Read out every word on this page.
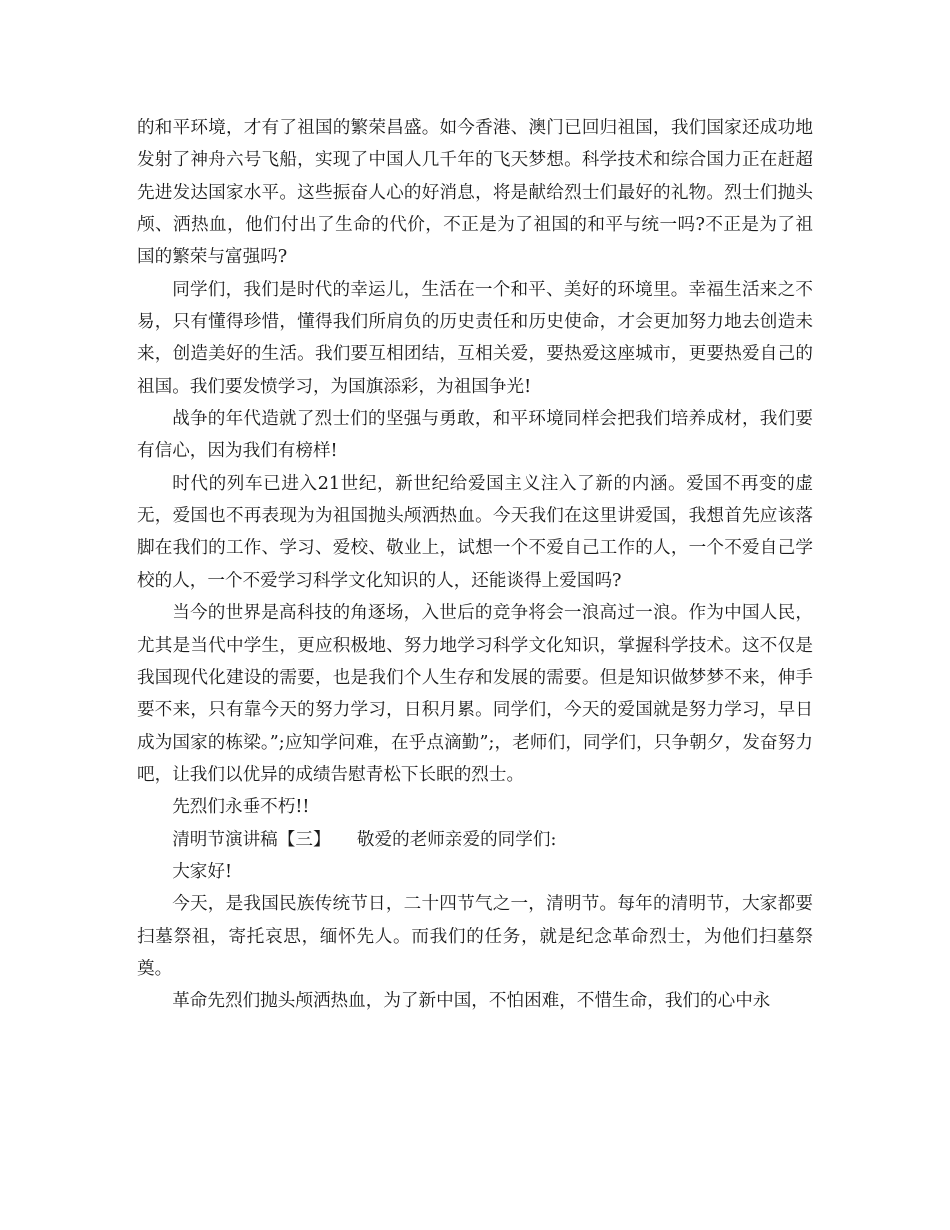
的和平环境，才有了祖国的繁荣昌盛。如今香港、澳门已回归祖国，我们国家还成功地发射了神舟六号飞船，实现了中国人几千年的飞天梦想。科学技术和综合国力正在赶超先进发达国家水平。这些振奋人心的好消息，将是献给烈士们最好的礼物。烈士们抛头颅、洒热血，他们付出了生命的代价，不正是为了祖国的和平与统一吗?不正是为了祖国的繁荣与富强吗?

同学们，我们是时代的幸运儿，生活在一个和平、美好的环境里。幸福生活来之不易，只有懂得珍惜，懂得我们所肩负的历史责任和历史使命，才会更加努力地去创造未来，创造美好的生活。我们要互相团结，互相关爱，要热爱这座城市，更要热爱自己的祖国。我们要发愤学习，为国旗添彩，为祖国争光!

战争的年代造就了烈士们的坚强与勇敢，和平环境同样会把我们培养成材，我们要有信心，因为我们有榜样!

时代的列车已进入21世纪，新世纪给爱国主义注入了新的内涵。爱国不再变的虚无，爱国也不再表现为为祖国抛头颅洒热血。今天我们在这里讲爱国，我想首先应该落脚在我们的工作、学习、爱校、敬业上，试想一个不爱自己工作的人，一个不爱自己学校的人，一个不爱学习科学文化知识的人，还能谈得上爱国吗?

当今的世界是高科技的角逐场，入世后的竞争将会一浪高过一浪。作为中国人民，尤其是当代中学生，更应积极地、努力地学习科学文化知识，掌握科学技术。这不仅是我国现代化建设的需要，也是我们个人生存和发展的需要。但是知识做梦梦不来，伸手要不来，只有靠今天的努力学习，日积月累。同学们，今天的爱国就是努力学习，早日成为国家的栋梁。”;应知学问难，在乎点滴勤”;，老师们，同学们，只争朝夕，发奋努力吧，让我们以优异的成绩告慰青松下长眠的烈士。

先烈们永垂不朽!!

清明节演讲稿【三】　　敬爱的老师亲爱的同学们:

大家好!

今天，是我国民族传统节日，二十四节气之一，清明节。每年的清明节，大家都要扫墓祭祖，寄托哀思，缅怀先人。而我们的任务，就是纪念革命烈士，为他们扫墓祭奠。

革命先烈们抛头颅洒热血，为了新中国，不怕困难，不惜生命，我们的心中永
